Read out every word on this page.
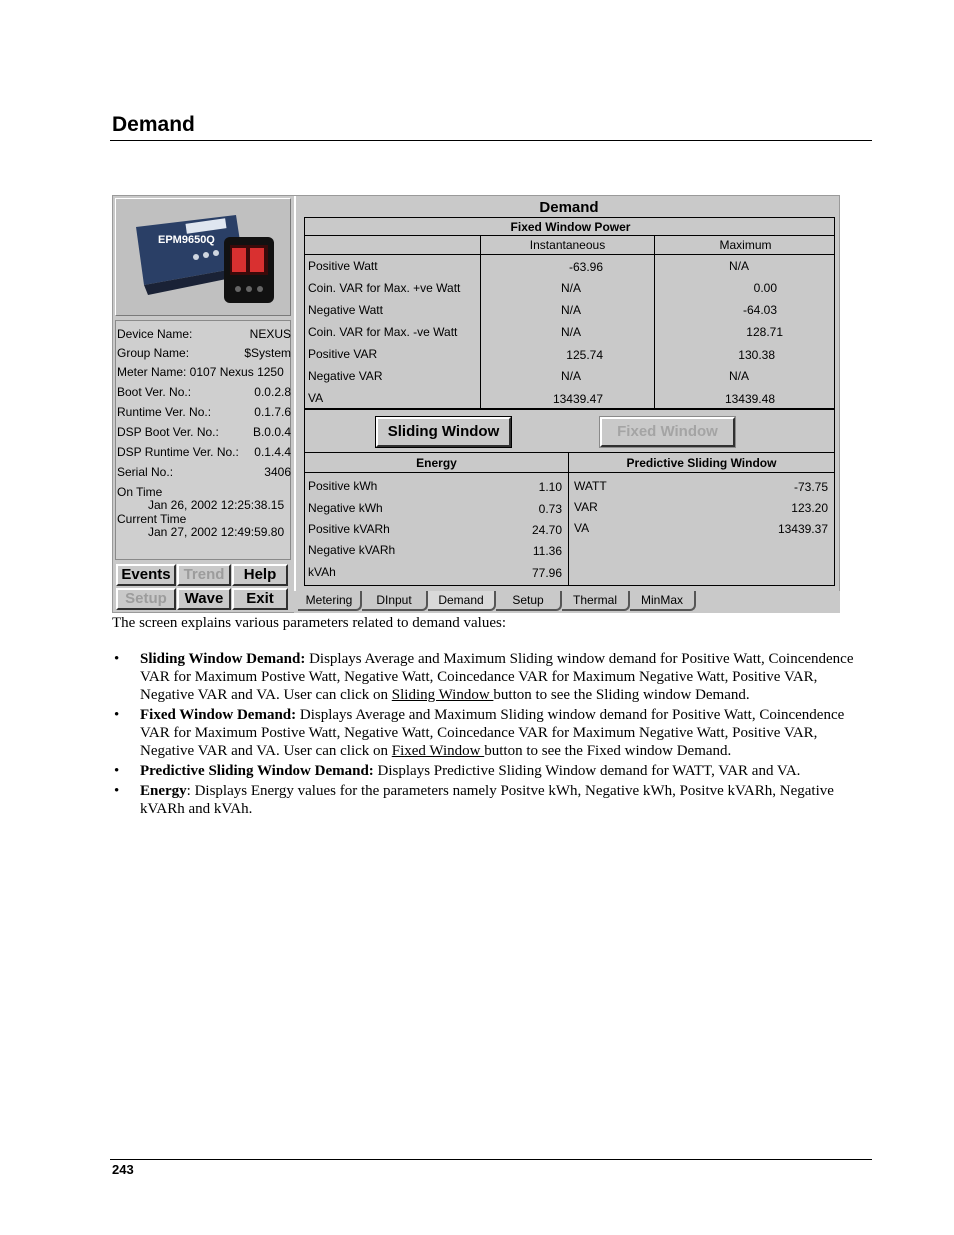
Demand
EPM9650Q
Device Name:	NEXUS
Group Name:	$System
Meter Name: 0107 Nexus 1250
Boot Ver. No.:	0.0.2.8
Runtime Ver. No.:	0.1.7.6
DSP Boot Ver. No.:	B.0.0.4
DSP Runtime Ver. No.: 0.1.4.4
Serial No.:	3406
On Time
Jan 26, 2002 12:25:38.15
Current Time
Jan 27, 2002 12:49:59.80
Events Trend	Help
Setup	Wave	Exit
Demand
Fixed Window Power
Instantaneous	Maximum
Positive Watt	-63.96	N/A
Coin. VAR for Max. +ve Watt	N/A	0.00
Negative Watt	N/A	-64.03
Coin. VAR for Max. -ve Watt	N/A	128.71
Positive VAR	125.74	130.38
Negative VAR	N/A	N/A
VA	13439.47	13439.48
Sliding Window	Fixed Window
Energy
Positive kWh	1.10
Negative kWh	0.73
Positive kVARh	24.70
Negative kVARh	11.36
kVAh	77.96
Predictive Sliding Window
WATT	-73.75
VAR	123.20
VA	13439.37
Metering	DInput	Demand	Setup	Thermal	MinMax
The screen explains various parameters related to demand values:
• Sliding Window Demand: Displays Average and Maximum Sliding window demand for Positive Watt, Coincendence VAR for Maximum Postive Watt, Negative Watt, Coincedance VAR for Maximum Negative Watt, Positive VAR, Negative VAR and VA. User can click on Sliding Window button to see the Sliding window Demand.
• Fixed Window Demand: Displays Average and Maximum Sliding window demand for Positive Watt, Coincendence VAR for Maximum Postive Watt, Negative Watt, Coincedance VAR for Maximum Negative Watt, Positive VAR, Negative VAR and VA. User can click on Fixed Window button to see the Fixed window Demand.
• Predictive Sliding Window Demand: Displays Predictive Sliding Window demand for WATT, VAR and VA.
• Energy: Displays Energy values for the parameters namely Positve kWh, Negative kWh, Positve kVARh, Negative kVARh and kVAh.
243
